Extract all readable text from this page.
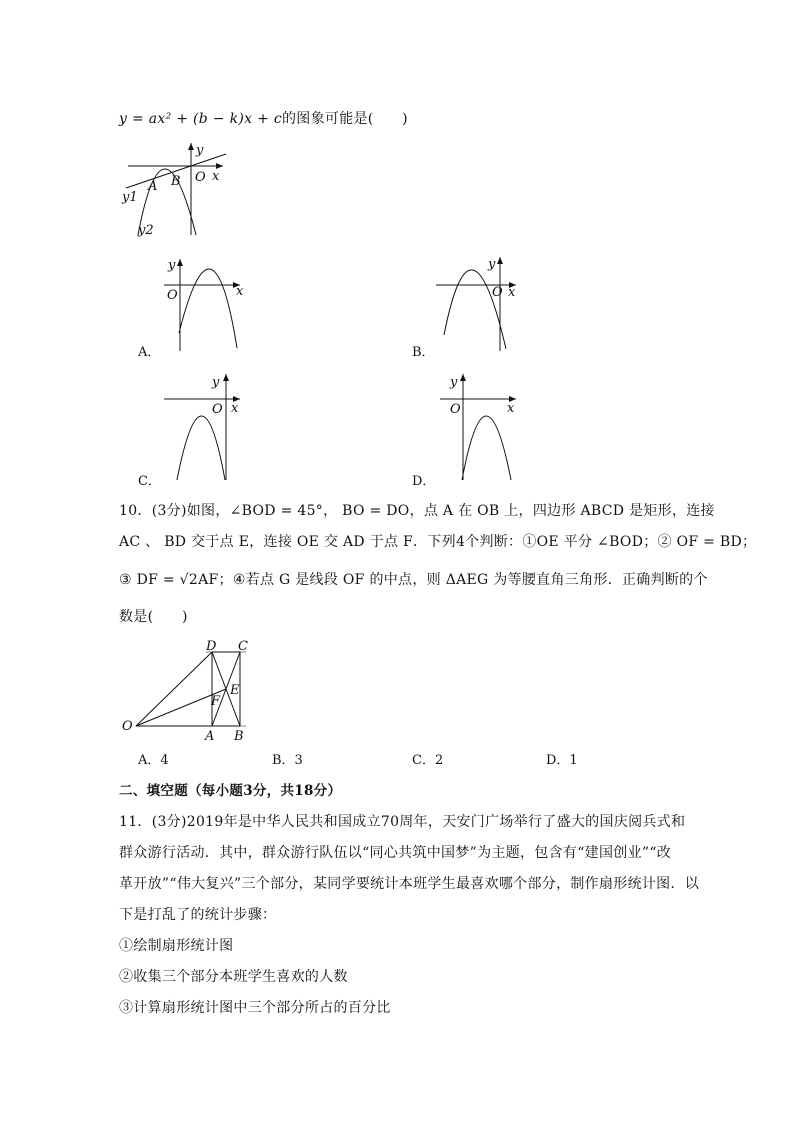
y = ax² + (b − k)x + c的图象可能是(　　)
y
x
O
A B
y1
y2
y
x
O
A．
y
x
O
B．
y
x
O
C．
y
x
O
D．
10．(3分)如图，∠BOD = 45°， BO = DO，点 A 在 OB 上，四边形 ABCD 是矩形，连接
AC 、 BD 交于点 E，连接 OE 交 AD 于点 F．下列4个判断：①OE 平分 ∠BOD；② OF = BD；
③ DF = √2AF；④若点 G 是线段 OF 的中点，则 ΔAEG 为等腰直角三角形．正确判断的个
数是(　　)
D C
E
F
O
A B
A．4	B．3	C．2	D．1
二、填空题（每小题3分，共18分）
11．(3分)2019年是中华人民共和国成立70周年，天安门广场举行了盛大的国庆阅兵式和
群众游行活动．其中，群众游行队伍以“同心共筑中国梦”为主题，包含有“建国创业”“改
革开放”“伟大复兴”三个部分，某同学要统计本班学生最喜欢哪个部分，制作扇形统计图．以
下是打乱了的统计步骤：
①绘制扇形统计图
②收集三个部分本班学生喜欢的人数
③计算扇形统计图中三个部分所占的百分比
